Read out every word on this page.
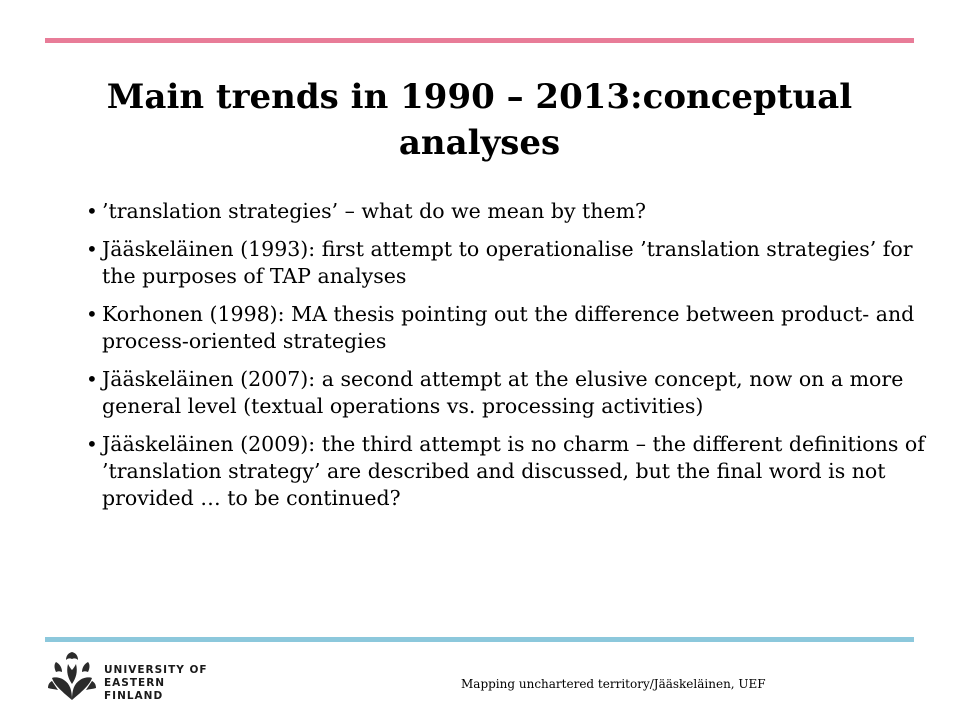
Main trends in 1990 – 2013:conceptual analyses
• ’translation strategies’ – what do we mean by them?
• Jääskeläinen (1993): first attempt to operationalise ’translation strategies’ for the purposes of TAP analyses
• Korhonen (1998): MA thesis pointing out the difference between product- and process-oriented strategies
• Jääskeläinen (2007): a second attempt at the elusive concept, now on a more general level (textual operations vs. processing activities)
• Jääskeläinen (2009): the third attempt is no charm – the different definitions of ’translation strategy’ are described and discussed, but the final word is not provided … to be continued?
UNIVERSITY OF
EASTERN FINLAND
Mapping unchartered territory/Jääskeläinen, UEF
